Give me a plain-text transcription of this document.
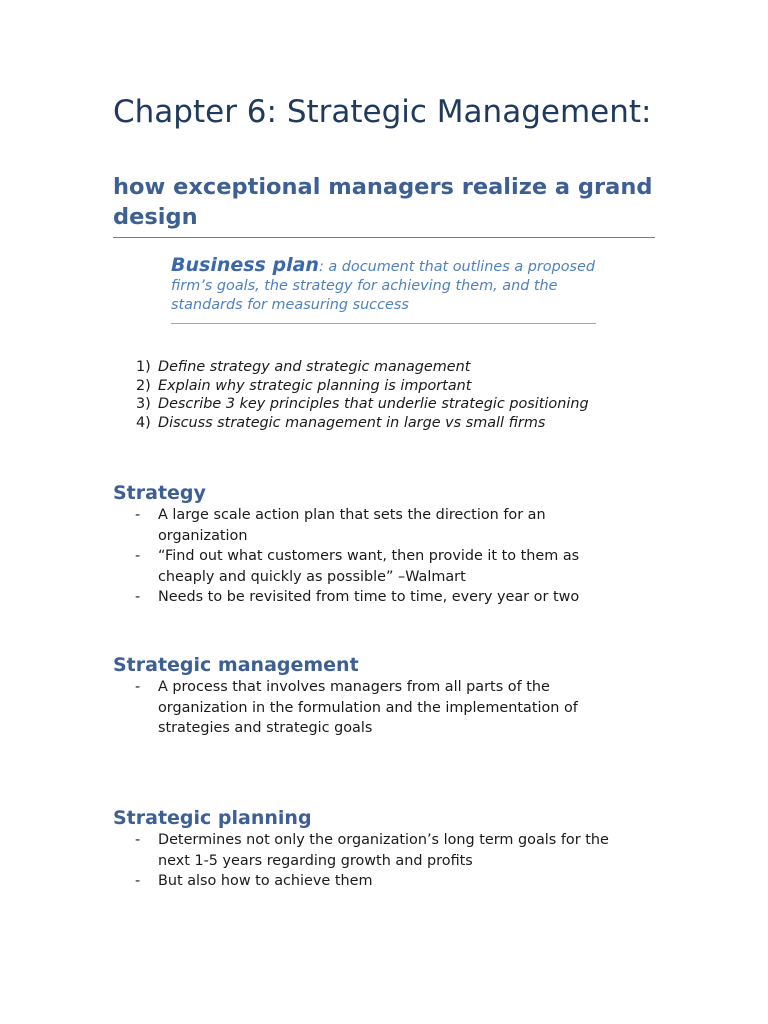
Chapter 6: Strategic Management:
how exceptional managers realize a grand design
Business plan: a document that outlines a proposed firm’s goals, the strategy for achieving them, and the standards for measuring success
1) Define strategy and strategic management
2) Explain why strategic planning is important
3) Describe 3 key principles that underlie strategic positioning
4) Discuss strategic management in large vs small firms
Strategy
-	A large scale action plan that sets the direction for an organization
-	“Find out what customers want, then provide it to them as cheaply and quickly as possible” –Walmart
-	Needs to be revisited from time to time, every year or two
Strategic management
-	A process that involves managers from all parts of the organization in the formulation and the implementation of strategies and strategic goals
Strategic planning
-	Determines not only the organization’s long term goals for the next 1-5 years regarding growth and profits
-	But also how to achieve them
